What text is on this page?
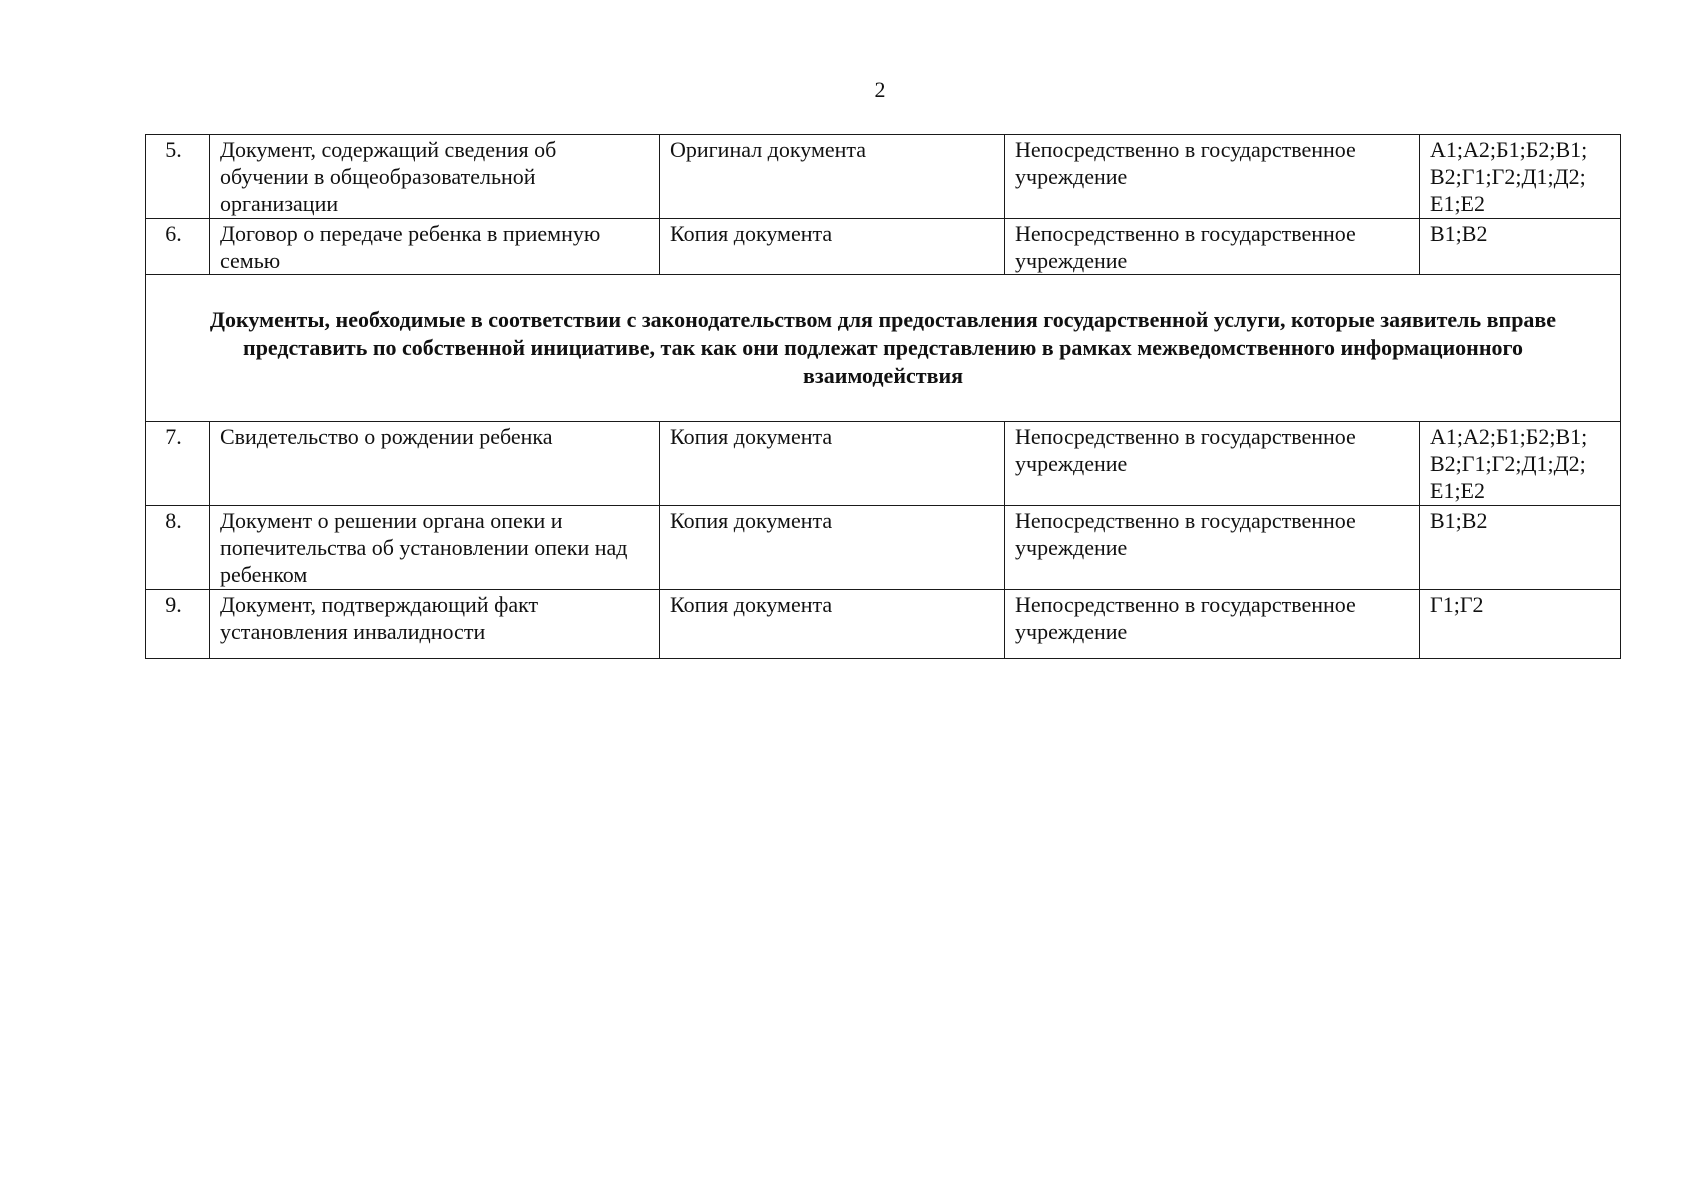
2
5.	Документ, содержащий сведения об обучении в общеобразовательной организации	Оригинал документа	Непосредственно в государственное учреждение	А1;А2;Б1;Б2;В1; В2;Г1;Г2;Д1;Д2; Е1;Е2
6.	Договор о передаче ребенка в приемную семью	Копия документа	Непосредственно в государственное учреждение	В1;В2
Документы, необходимые в соответствии с законодательством для предоставления государственной услуги, которые заявитель вправе представить по собственной инициативе, так как они подлежат представлению в рамках межведомственного информационного взаимодействия				
7.	Свидетельство о рождении ребенка	Копия документа	Непосредственно в государственное учреждение	А1;А2;Б1;Б2;В1; В2;Г1;Г2;Д1;Д2; Е1;Е2
8.	Документ о решении органа опеки и попечительства об установлении опеки над ребенком	Копия документа	Непосредственно в государственное учреждение	В1;В2
9.	Документ, подтверждающий факт установления инвалидности	Копия документа	Непосредственно в государственное учреждение	Г1;Г2
